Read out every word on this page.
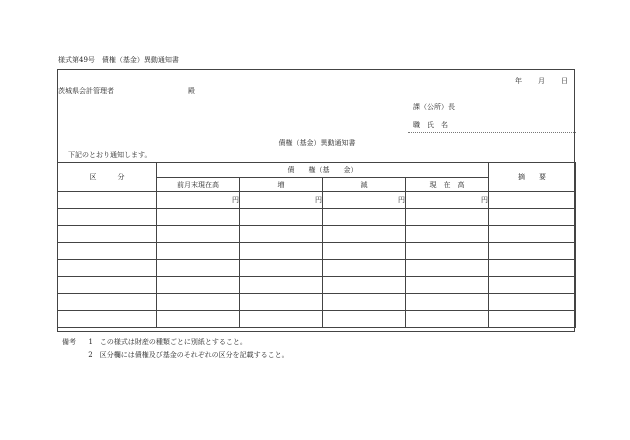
様式第49号　債権（基金）異動通知書
年 月 日
茨城県会計管理者	殿
課（公所）長
職　氏　名
債権（基金）異動通知書
下記のとおり通知します。
区　　　分	債　　権（基　　金）				摘　　要
	前月末現在高	増	減	現　在　高	
	円	円	円	円	

備考 1　この様式は財産の種類ごとに別紙とすること。
2　区分欄には債権及び基金のそれぞれの区分を記載すること。
